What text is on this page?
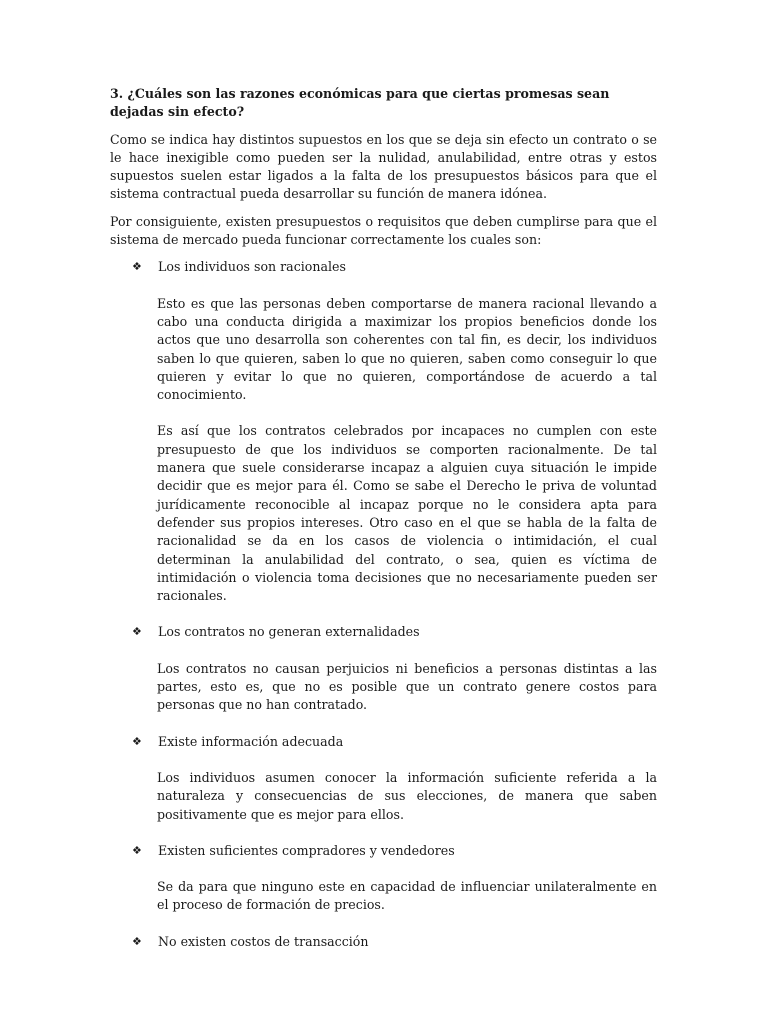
3. ¿Cuáles son las razones económicas para que ciertas promesas sean dejadas sin efecto?

Como se indica hay distintos supuestos en los que se deja sin efecto un contrato o se le hace inexigible como pueden ser la nulidad, anulabilidad, entre otras y estos supuestos suelen estar ligados a la falta de los presupuestos básicos para que el sistema contractual pueda desarrollar su función de manera idónea.

Por consiguiente, existen presupuestos o requisitos que deben cumplirse para que el sistema de mercado pueda funcionar correctamente los cuales son:

❖	Los individuos son racionales

Esto es que las personas deben comportarse de manera racional llevando a cabo una conducta dirigida a maximizar los propios beneficios donde los actos que uno desarrolla son coherentes con tal fin, es decir, los individuos saben lo que quieren, saben lo que no quieren, saben como conseguir lo que quieren y evitar lo que no quieren, comportándose de acuerdo a tal conocimiento.

Es así que los contratos celebrados por incapaces no cumplen con este presupuesto de que los individuos se comporten racionalmente. De tal manera que suele considerarse incapaz a alguien cuya situación le impide decidir que es mejor para él. Como se sabe el Derecho le priva de voluntad jurídicamente reconocible al incapaz porque no le considera apta para defender sus propios intereses. Otro caso en el que se habla de la falta de racionalidad se da en los casos de violencia o intimidación, el cual determinan la anulabilidad del contrato, o sea, quien es víctima de intimidación o violencia toma decisiones que no necesariamente pueden ser racionales.

❖	Los contratos no generan externalidades

Los contratos no causan perjuicios ni beneficios a personas distintas a las partes, esto es, que no es posible que un contrato genere costos para personas que no han contratado.

❖	Existe información adecuada

Los individuos asumen conocer la información suficiente referida a la naturaleza y consecuencias de sus elecciones, de manera que saben positivamente que es mejor para ellos.

❖	Existen suficientes compradores y vendedores

Se da para que ninguno este en capacidad de influenciar unilateralmente en el proceso de formación de precios.

❖	No existen costos de transacción
